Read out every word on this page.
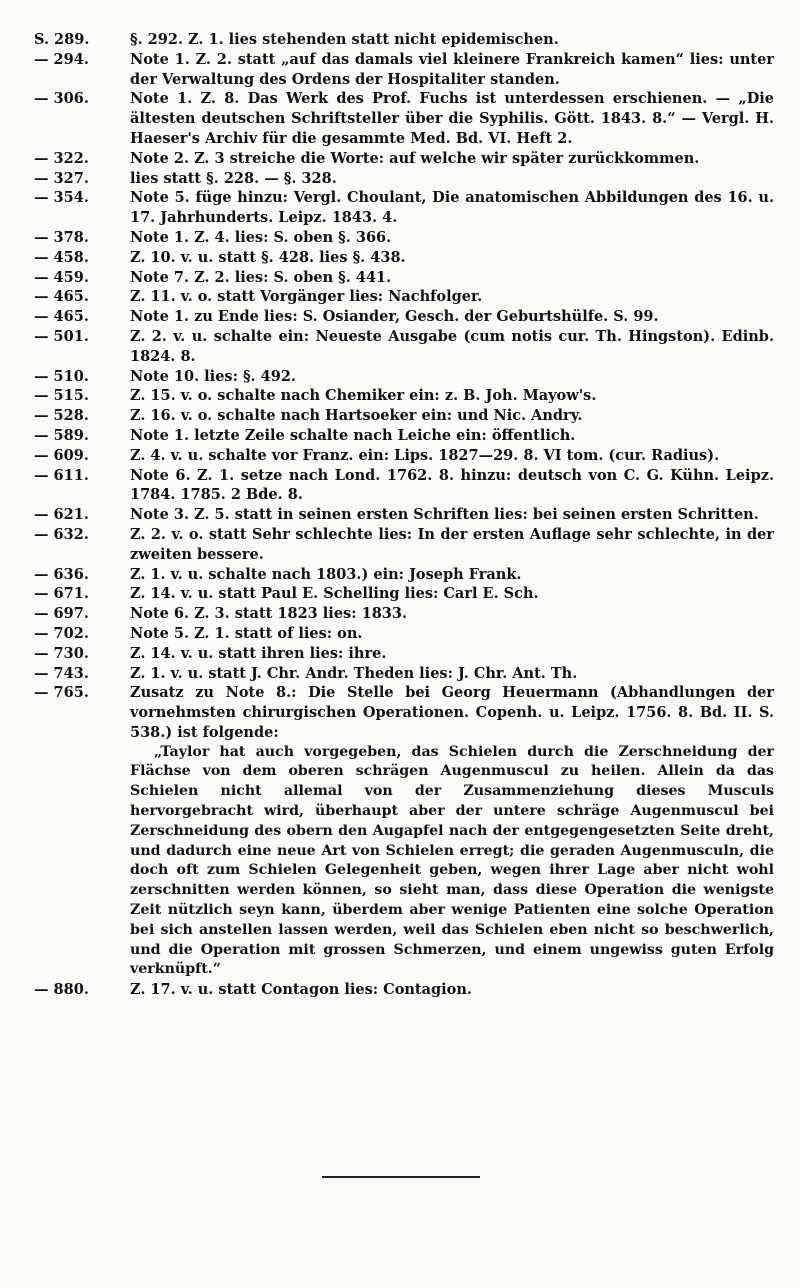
S. 289.	§. 292. Z. 1. lies stehenden statt nicht epidemischen.
— 294.	Note 1. Z. 2. statt „auf das damals viel kleinere Frankreich kamen“ lies: unter der Verwaltung des Ordens der Hospitaliter standen.
— 306.	Note 1. Z. 8. Das Werk des Prof. Fuchs ist unterdessen erschienen. — „Die ältesten deutschen Schriftsteller über die Syphilis. Gött. 1843. 8.“ — Vergl. H. Haeser's Archiv für die gesammte Med. Bd. VI. Heft 2.
— 322.	Note 2. Z. 3 streiche die Worte: auf welche wir später zurückkommen.
— 327.	lies statt §. 228. — §. 328.
— 354.	Note 5. füge hinzu: Vergl. Choulant, Die anatomischen Abbildungen des 16. u. 17. Jahrhunderts. Leipz. 1843. 4.
— 378.	Note 1. Z. 4. lies: S. oben §. 366.
— 458.	Z. 10. v. u. statt §. 428. lies §. 438.
— 459.	Note 7. Z. 2. lies: S. oben §. 441.
— 465.	Z. 11. v. o. statt Vorgänger lies: Nachfolger.
— 465.	Note 1. zu Ende lies: S. Osiander, Gesch. der Geburtshülfe. S. 99.
— 501.	Z. 2. v. u. schalte ein: Neueste Ausgabe (cum notis cur. Th. Hingston). Edinb. 1824. 8.
— 510.	Note 10. lies: §. 492.
— 515.	Z. 15. v. o. schalte nach Chemiker ein: z. B. Joh. Mayow's.
— 528.	Z. 16. v. o. schalte nach Hartsoeker ein: und Nic. Andry.
— 589.	Note 1. letzte Zeile schalte nach Leiche ein: öffentlich.
— 609.	Z. 4. v. u. schalte vor Franz. ein: Lips. 1827—29. 8. VI tom. (cur. Radius).
— 611.	Note 6. Z. 1. setze nach Lond. 1762. 8. hinzu: deutsch von C. G. Kühn. Leipz. 1784. 1785. 2 Bde. 8.
— 621.	Note 3. Z. 5. statt in seinen ersten Schriften lies: bei seinen ersten Schritten.
— 632.	Z. 2. v. o. statt Sehr schlechte lies: In der ersten Auflage sehr schlechte, in der zweiten bessere.
— 636.	Z. 1. v. u. schalte nach 1803.) ein: Joseph Frank.
— 671.	Z. 14. v. u. statt Paul E. Schelling lies: Carl E. Sch.
— 697.	Note 6. Z. 3. statt 1823 lies: 1833.
— 702.	Note 5. Z. 1. statt of lies: on.
— 730.	Z. 14. v. u. statt ihren lies: ihre.
— 743.	Z. 1. v. u. statt J. Chr. Andr. Theden lies: J. Chr. Ant. Th.
— 765.	Zusatz zu Note 8.: Die Stelle bei Georg Heuermann (Abhandlungen der vornehmsten chirurgischen Operationen. Copenh. u. Leipz. 1756. 8. Bd. II. S. 538.) ist folgende:
„Taylor hat auch vorgegeben, das Schielen durch die Zerschneidung der Flächse von dem oberen schrägen Augenmuscul zu heilen. Allein da das Schielen nicht allemal von der Zusammenziehung dieses Musculs hervorgebracht wird, überhaupt aber der untere schräge Augenmuscul bei Zerschneidung des obern den Augapfel nach der entgegengesetzten Seite dreht, und dadurch eine neue Art von Schielen erregt; die geraden Augenmusculn, die doch oft zum Schielen Gelegenheit geben, wegen ihrer Lage aber nicht wohl zerschnitten werden können, so sieht man, dass diese Operation die wenigste Zeit nützlich seyn kann, überdem aber wenige Patienten eine solche Operation bei sich anstellen lassen werden, weil das Schielen eben nicht so beschwerlich, und die Operation mit grossen Schmerzen, und einem ungewiss guten Erfolg verknüpft.“
— 880.	Z. 17. v. u. statt Contagon lies: Contagion.
